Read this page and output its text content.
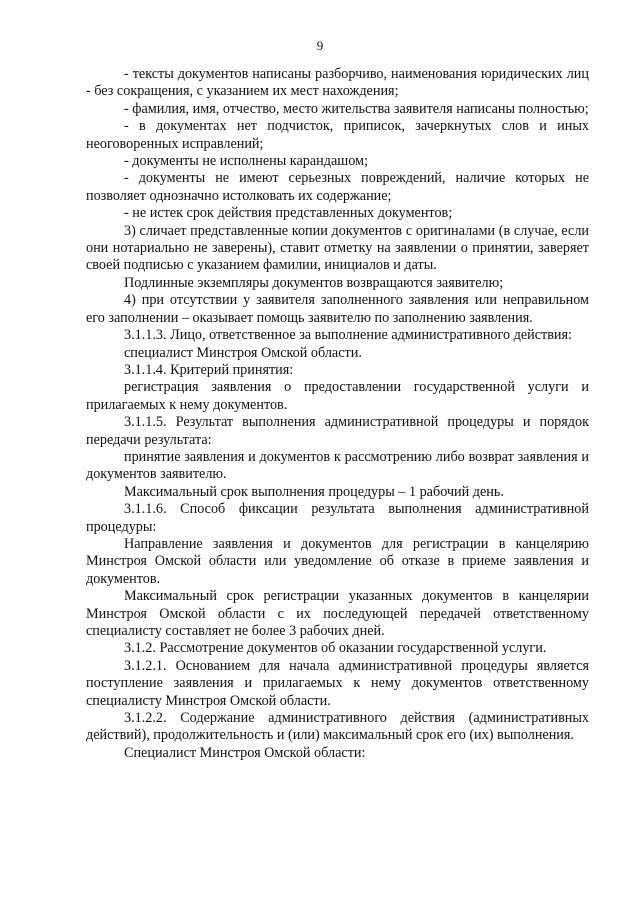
9

- тексты документов написаны разборчиво, наименования юридических лиц - без сокращения, с указанием их мест нахождения;

- фамилия, имя, отчество, место жительства заявителя написаны полностью;

- в документах нет подчисток, приписок, зачеркнутых слов и иных неоговоренных исправлений;

- документы не исполнены карандашом;

- документы не имеют серьезных повреждений, наличие которых не позволяет однозначно истолковать их содержание;

- не истек срок действия представленных документов;

3) сличает представленные копии документов с оригиналами (в случае, если они нотариально не заверены), ставит отметку на заявлении о принятии, заверяет своей подписью с указанием фамилии, инициалов и даты.

Подлинные экземпляры документов возвращаются заявителю;

4) при отсутствии у заявителя заполненного заявления или неправильном его заполнении – оказывает помощь заявителю по заполнению заявления.

3.1.1.3. Лицо, ответственное за выполнение административного действия:

специалист Минстроя Омской области.

3.1.1.4. Критерий принятия:

регистрация заявления о предоставлении государственной услуги и прилагаемых к нему документов.

3.1.1.5. Результат выполнения административной процедуры и порядок передачи результата:

принятие заявления и документов к рассмотрению либо возврат заявления и документов заявителю.

Максимальный срок выполнения процедуры – 1 рабочий день.

3.1.1.6. Способ фиксации результата выполнения административной процедуры:

Направление заявления и документов для регистрации в канцелярию Минстроя Омской области или уведомление об отказе в приеме заявления и документов.

Максимальный срок регистрации указанных документов в канцелярии Минстроя Омской области с их последующей передачей ответственному специалисту составляет не более 3 рабочих дней.

3.1.2. Рассмотрение документов об оказании государственной услуги.

3.1.2.1. Основанием для начала административной процедуры является поступление заявления и прилагаемых к нему документов ответственному специалисту Минстроя Омской области.

3.1.2.2. Содержание административного действия (административных действий), продолжительность и (или) максимальный срок его (их) выполнения.

Специалист Минстроя Омской области:
